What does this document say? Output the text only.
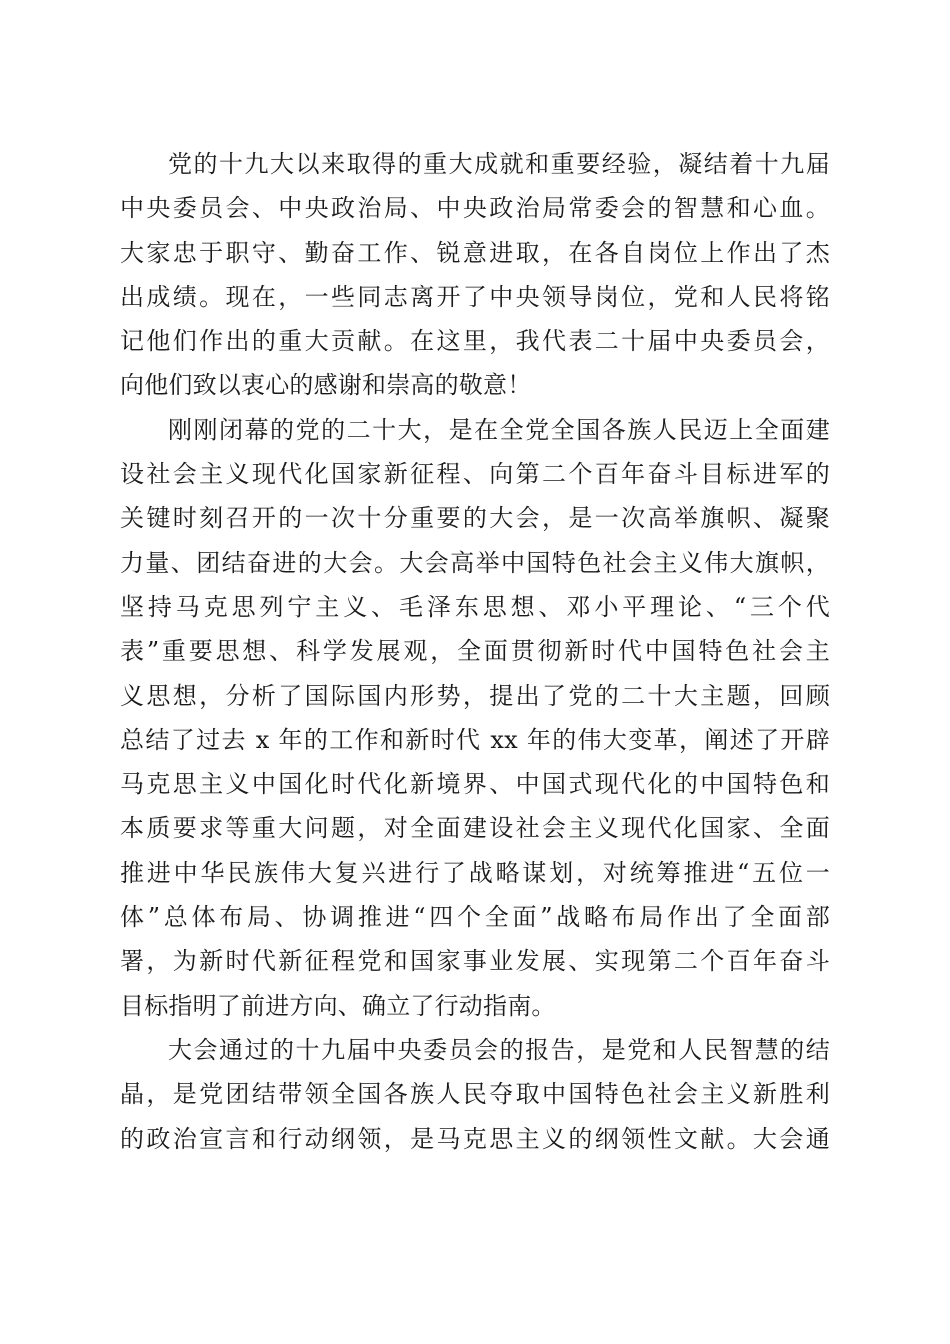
党的十九大以来取得的重大成就和重要经验，凝结着十九届
中央委员会、中央政治局、中央政治局常委会的智慧和心血。
大家忠于职守、勤奋工作、锐意进取，在各自岗位上作出了杰
出成绩。现在，一些同志离开了中央领导岗位，党和人民将铭
记他们作出的重大贡献。在这里，我代表二十届中央委员会，
向他们致以衷心的感谢和崇高的敬意！
刚刚闭幕的党的二十大，是在全党全国各族人民迈上全面建
设社会主义现代化国家新征程、向第二个百年奋斗目标进军的
关键时刻召开的一次十分重要的大会，是一次高举旗帜、凝聚
力量、团结奋进的大会。大会高举中国特色社会主义伟大旗帜，
坚持马克思列宁主义、毛泽东思想、邓小平理论、“三个代
表”重要思想、科学发展观，全面贯彻新时代中国特色社会主
义思想，分析了国际国内形势，提出了党的二十大主题，回顾
总结了过去 x 年的工作和新时代 xx 年的伟大变革，阐述了开辟
马克思主义中国化时代化新境界、中国式现代化的中国特色和
本质要求等重大问题，对全面建设社会主义现代化国家、全面
推进中华民族伟大复兴进行了战略谋划，对统筹推进“五位一
体”总体布局、协调推进“四个全面”战略布局作出了全面部
署，为新时代新征程党和国家事业发展、实现第二个百年奋斗
目标指明了前进方向、确立了行动指南。
大会通过的十九届中央委员会的报告，是党和人民智慧的结
晶，是党团结带领全国各族人民夺取中国特色社会主义新胜利
的政治宣言和行动纲领，是马克思主义的纲领性文献。大会通
